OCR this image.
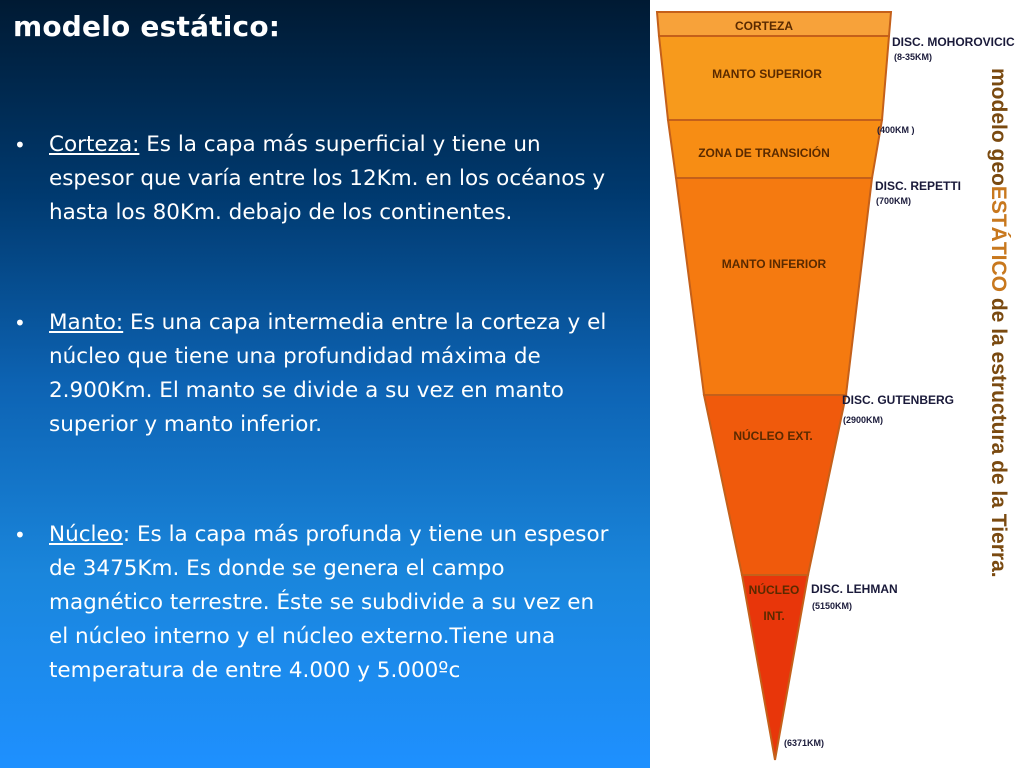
modelo estático:
• Corteza: Es la capa más superficial y tiene un espesor que varía entre los 12Km. en los océanos y hasta los 80Km. debajo de los continentes.
• Manto: Es una capa intermedia entre la corteza y el núcleo que tiene una profundidad máxima de 2.900Km. El manto se divide a su vez en manto superior y manto inferior.
• Núcleo: Es la capa más profunda y tiene un espesor de 3475Km. Es donde se genera el campo magnético terrestre. Éste se subdivide a su vez en el núcleo interno y el núcleo externo.Tiene una temperatura de entre 4.000 y 5.000ºc
CORTEZA
MANTO SUPERIOR
ZONA DE TRANSICIÓN
MANTO INFERIOR
NÚCLEO EXT.
NÚCLEO
INT.
DISC. MOHOROVICIC
(8-35KM)
(400KM )
DISC. REPETTI
(700KM)
DISC. GUTENBERG
(2900KM)
DISC. LEHMAN
(5150KM)
(6371KM)
modelo geoESTÁTICO de la estructura de la Tierra.
